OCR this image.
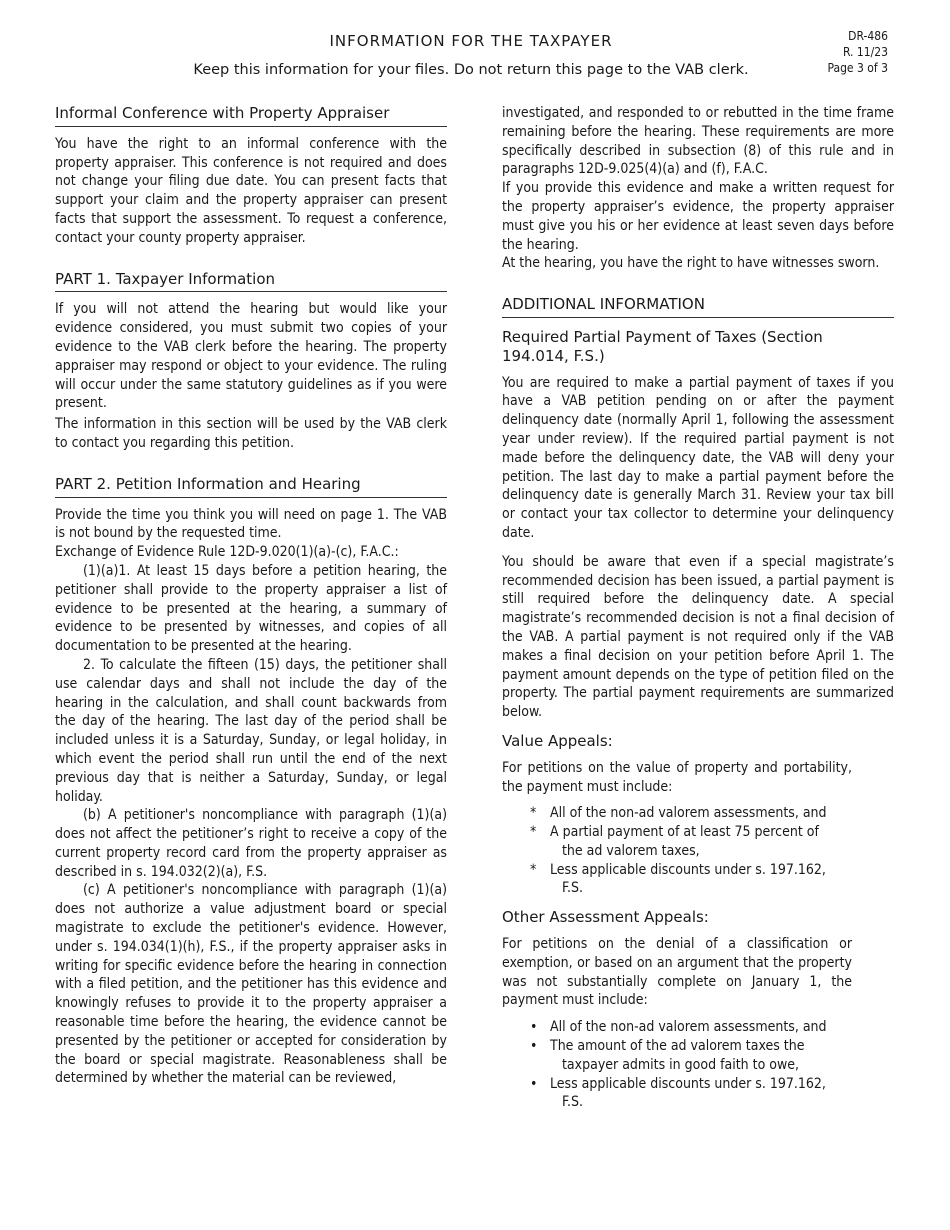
DR-486
R. 11/23
Page 3 of 3
INFORMATION FOR THE TAXPAYER
Keep this information for your files. Do not return this page to the VAB clerk.
Informal Conference with Property Appraiser

You have the right to an informal conference with the property appraiser. This conference is not required and does not change your filing due date. You can present facts that support your claim and the property appraiser can present facts that support the assessment. To request a conference, contact your county property appraiser.

PART 1. Taxpayer Information

If you will not attend the hearing but would like your evidence considered, you must submit two copies of your evidence to the VAB clerk before the hearing. The property appraiser may respond or object to your evidence. The ruling will occur under the same statutory guidelines as if you were present.

The information in this section will be used by the VAB clerk to contact you regarding this petition.

PART 2. Petition Information and Hearing

Provide the time you think you will need on page 1. The VAB is not bound by the requested time.

Exchange of Evidence Rule 12D-9.020(1)(a)-(c), F.A.C.:

(1)(a)1. At least 15 days before a petition hearing, the petitioner shall provide to the property appraiser a list of evidence to be presented at the hearing, a summary of evidence to be presented by witnesses, and copies of all documentation to be presented at the hearing.

2. To calculate the fifteen (15) days, the petitioner shall use calendar days and shall not include the day of the hearing in the calculation, and shall count backwards from the day of the hearing. The last day of the period shall be included unless it is a Saturday, Sunday, or legal holiday, in which event the period shall run until the end of the next previous day that is neither a Saturday, Sunday, or legal holiday.

(b) A petitioner's noncompliance with paragraph (1)(a) does not affect the petitioner’s right to receive a copy of the current property record card from the property appraiser as described in s. 194.032(2)(a), F.S.

(c) A petitioner's noncompliance with paragraph (1)(a) does not authorize a value adjustment board or special magistrate to exclude the petitioner's evidence. However, under s. 194.034(1)(h), F.S., if the property appraiser asks in writing for specific evidence before the hearing in connection with a filed petition, and the petitioner has this evidence and knowingly refuses to provide it to the property appraiser a reasonable time before the hearing, the evidence cannot be presented by the petitioner or accepted for consideration by the board or special magistrate. Reasonableness shall be determined by whether the material can be reviewed,

investigated, and responded to or rebutted in the time frame remaining before the hearing. These requirements are more specifically described in subsection (8) of this rule and in paragraphs 12D-9.025(4)(a) and (f), F.A.C.

If you provide this evidence and make a written request for the property appraiser’s evidence, the property appraiser must give you his or her evidence at least seven days before the hearing.

At the hearing, you have the right to have witnesses sworn.

ADDITIONAL INFORMATION
Required Partial Payment of Taxes (Section 194.014, F.S.)

You are required to make a partial payment of taxes if you have a VAB petition pending on or after the payment delinquency date (normally April 1, following the assessment year under review). If the required partial payment is not made before the delinquency date, the VAB will deny your petition. The last day to make a partial payment before the delinquency date is generally March 31. Review your tax bill or contact your tax collector to determine your delinquency date.

You should be aware that even if a special magistrate’s recommended decision has been issued, a partial payment is still required before the delinquency date. A special magistrate’s recommended decision is not a final decision of the VAB. A partial payment is not required only if the VAB makes a final decision on your petition before April 1. The payment amount depends on the type of petition filed on the property. The partial payment requirements are summarized below.

Value Appeals:

For petitions on the value of property and portability, the payment must include:

* All of the non-ad valorem assessments, and
* A partial payment of at least 75 percent of
the ad valorem taxes,
* Less applicable discounts under s. 197.162,
F.S.
Other Assessment Appeals:

For petitions on the denial of a classification or exemption, or based on an argument that the property was not substantially complete on January 1, the payment must include:

• All of the non-ad valorem assessments, and
• The amount of the ad valorem taxes the
taxpayer admits in good faith to owe,
• Less applicable discounts under s. 197.162,
F.S.
